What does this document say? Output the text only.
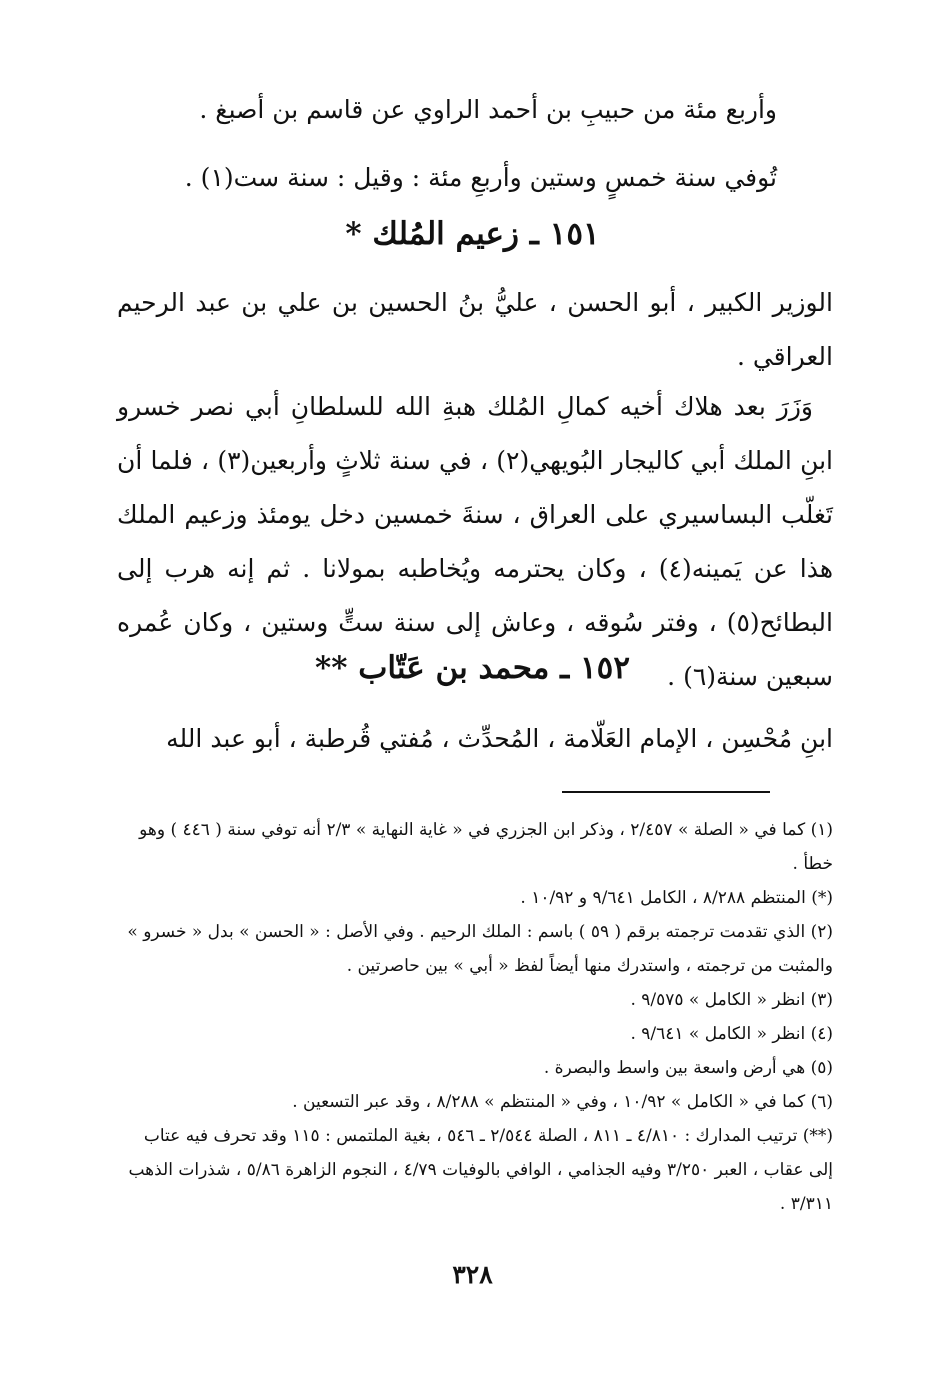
وأربع مئة من حبيبِ بن أحمد الراوي عن قاسم بن أصبغ .
تُوفي سنة خمسٍ وستين وأربعِ مئة : وقيل : سنة ست(١) .
١٥١ ـ زعيم المُلك *
الوزير الكبير ، أبو الحسن ، عليُّ بنُ الحسين بن علي بن عبد الرحيم العراقي .
وَزَرَ بعد هلاك أخيه كمالِ المُلك هبةِ الله للسلطانِ أبي نصر خسرو ابنِ الملك أبي كاليجار البُويهي(٢) ، في سنة ثلاثٍ وأربعين(٣) ، فلما أن تَغلّب البساسيري على العراق ، سنةَ خمسين دخل يومئذ وزعيم الملك هذا عن يَمينه(٤) ، وكان يحترمه ويُخاطبه بمولانا . ثم إنه هرب إلى البطائح(٥) ، وفتر سُوقه ، وعاش إلى سنة ستٍّ وستين ، وكان عُمره سبعين سنة(٦) .
١٥٢ ـ محمد بن عَتّاب **
ابنِ مُحْسِن ، الإمام العَلّامة ، المُحدِّث ، مُفتي قُرطبة ، أبو عبد الله

(١) كما في « الصلة » ٢/٤٥٧ ، وذكر ابن الجزري في « غاية النهاية » ٢/٣ أنه توفي سنة ( ٤٤٦ ) وهو خطأ .

(*) المنتظم ٨/٢٨٨ ، الكامل ٩/٦٤١ و ١٠/٩٢ .

(٢) الذي تقدمت ترجمته برقم ( ٥٩ ) باسم : الملك الرحيم . وفي الأصل : « الحسن » بدل « خسرو » والمثبت من ترجمته ، واستدرك منها أيضاً لفظ « أبي » بين حاصرتين .

(٣) انظر « الكامل » ٩/٥٧٥ .

(٤) انظر « الكامل » ٩/٦٤١ .

(٥) هي أرض واسعة بين واسط والبصرة .

(٦) كما في « الكامل » ١٠/٩٢ ، وفي « المنتظم » ٨/٢٨٨ ، وقد عبر التسعين .

(**) ترتيب المدارك : ٤/٨١٠ ـ ٨١١ ، الصلة ٢/٥٤٤ ـ ٥٤٦ ، بغية الملتمس : ١١٥ وقد تحرف فيه عتاب إلى عقاب ، العبر ٣/٢٥٠ وفيه الجذامي ، الوافي بالوفيات ٤/٧٩ ، النجوم الزاهرة ٥/٨٦ ، شذرات الذهب ٣/٣١١ .

٣٢٨
